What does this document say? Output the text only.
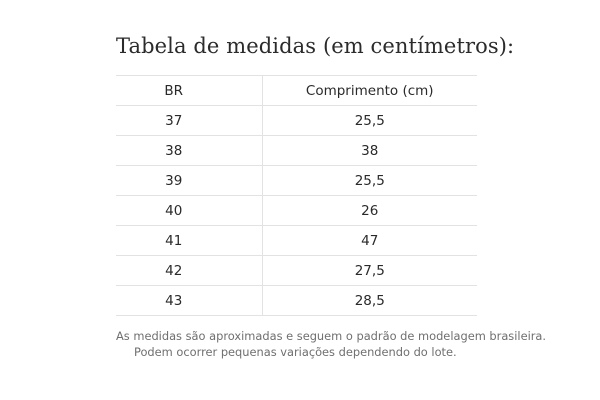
Tabela de medidas (em centímetros):
BR	Comprimento (cm)
37	25,5
38	38
39	25,5
40	26
41	47
42	27,5
43	28,5
As medidas são aproximadas e seguem o padrão de modelagem brasileira.
Podem ocorrer pequenas variações dependendo do lote.
